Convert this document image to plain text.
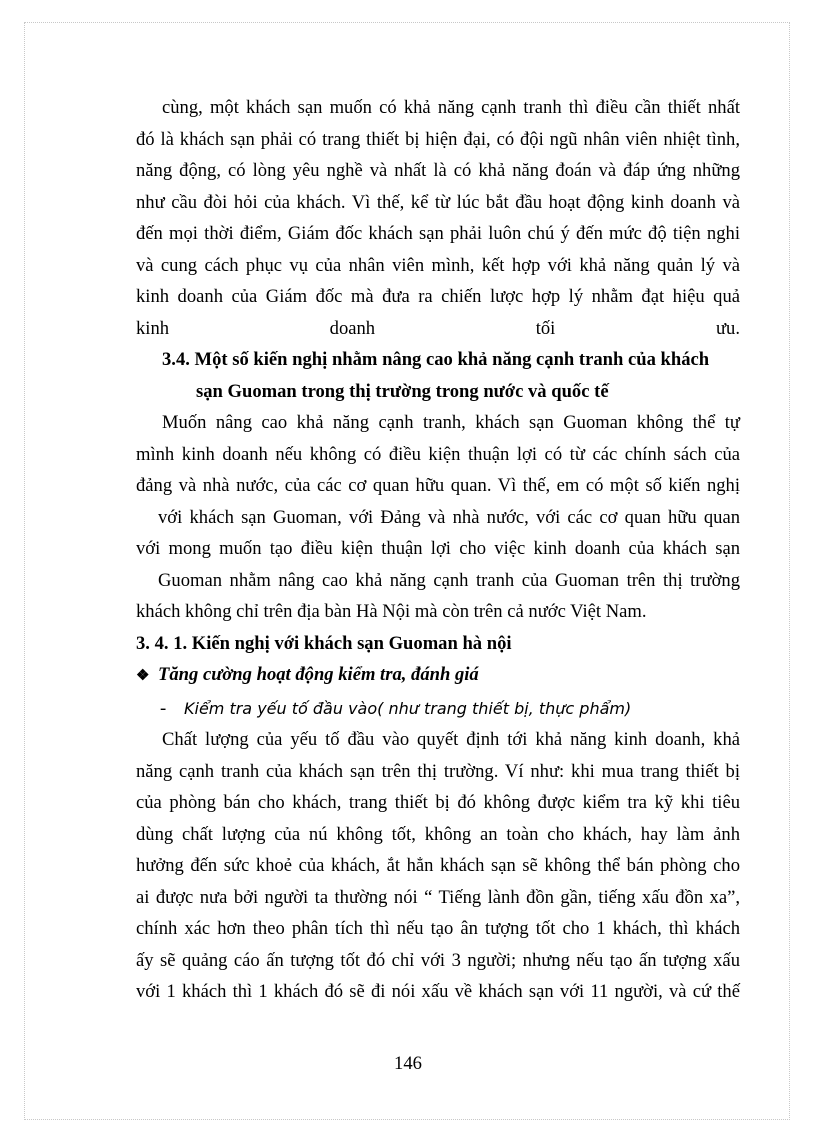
cùng, một khách sạn muốn có khả năng cạnh tranh thì điều cần thiết nhất

đó là khách sạn phải có trang thiết bị hiện đại, có đội ngũ nhân viên nhiệt tình,

năng động, có lòng yêu nghề và nhất là có khả năng đoán và đáp ứng những

như cầu đòi hỏi của khách. Vì thế, kể từ lúc bắt đầu hoạt động kinh doanh và

đến mọi thời điểm, Giám đốc khách sạn phải luôn chú ý đến mức độ tiện nghi

và cung cách phục vụ của nhân viên mình, kết hợp với khả năng quản lý và

kinh doanh của Giám đốc mà đưa ra chiến lược hợp lý nhằm đạt hiệu quả

kinh doanh tối ưu.

3.4. Một số kiến nghị nhằm nâng cao khả năng cạnh tranh của khách

sạn Guoman trong thị trường trong nước và quốc tế

Muốn nâng cao khả năng cạnh tranh, khách sạn Guoman không thể tự

mình kinh doanh nếu không có điều kiện thuận lợi có từ các chính sách của

đảng và nhà nước, của các cơ quan hữu quan. Vì thế, em có một số kiến nghị

với khách sạn Guoman, với Đảng và nhà nước, với các cơ quan hữu quan

với mong muốn tạo điều kiện thuận lợi cho việc kinh doanh của khách sạn

Guoman nhằm nâng cao khả năng cạnh tranh của Guoman trên thị trường

khách không chỉ trên địa bàn Hà Nội mà còn trên cả nước Việt Nam.

3. 4. 1. Kiến nghị với khách sạn Guoman hà nội

❖ Tăng cường hoạt động kiểm tra, đánh giá
-	Kiểm tra yếu tố đầu vào( như trang thiết bị, thực phẩm)

Chất lượng của yếu tố đầu vào quyết định tới khả năng kinh doanh, khả

năng cạnh tranh của khách sạn trên thị trường. Ví như: khi mua trang thiết bị

của phòng bán cho khách, trang thiết bị đó không được kiểm tra kỹ khi tiêu

dùng chất lượng của nú không tốt, không an toàn cho khách, hay làm ảnh

hưởng đến sức khoẻ của khách, ắt hẳn khách sạn sẽ không thể bán phòng cho

ai được nưa bởi người ta thường nói “ Tiếng lành đồn gần, tiếng xấu đồn xa”,

chính xác hơn theo phân tích thì nếu tạo ân tượng tốt cho 1 khách, thì khách

ấy sẽ quảng cáo ấn tượng tốt đó chỉ với 3 người; nhưng nếu tạo ấn tượng xấu

với 1 khách thì 1 khách đó sẽ đi nói xấu về khách sạn với 11 người, và cứ thế

146
